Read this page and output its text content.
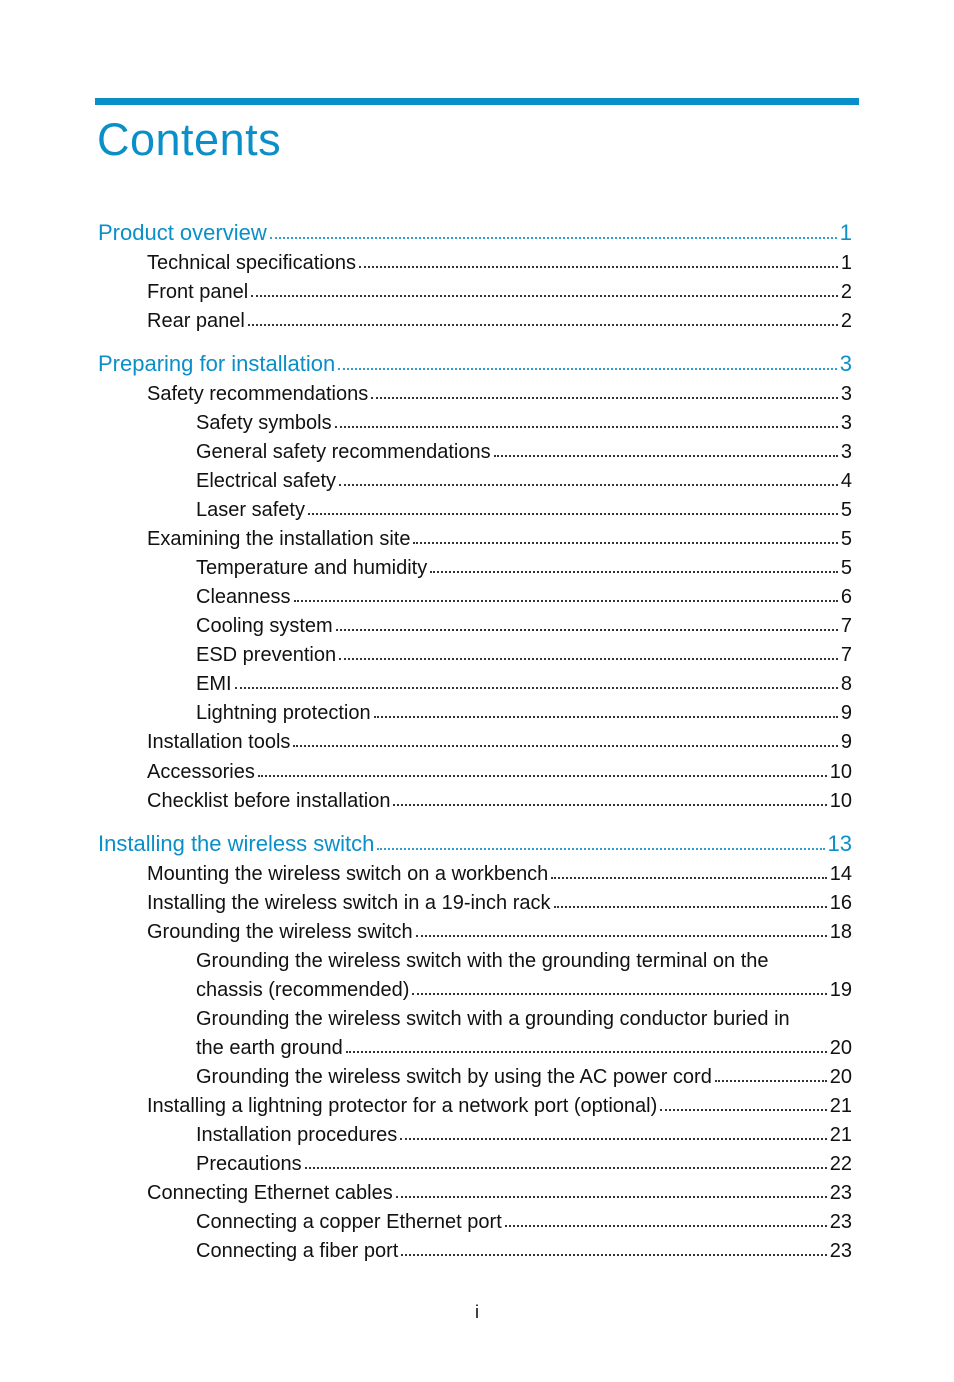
Contents
Product overview	1
Technical specifications	1
Front panel	2
Rear panel	2
Preparing for installation	3
Safety recommendations	3
Safety symbols	3
General safety recommendations	3
Electrical safety	4
Laser safety	5
Examining the installation site	5
Temperature and humidity	5
Cleanness	6
Cooling system	7
ESD prevention	7
EMI	8
Lightning protection	9
Installation tools	9
Accessories	10
Checklist before installation	10
Installing the wireless switch	13
Mounting the wireless switch on a workbench	14
Installing the wireless switch in a 19-inch rack	16
Grounding the wireless switch	18
Grounding the wireless switch with the grounding terminal on the
chassis (recommended)	19
Grounding the wireless switch with a grounding conductor buried in
the earth ground	20
Grounding the wireless switch by using the AC power cord	20
Installing a lightning protector for a network port (optional)	21
Installation procedures	21
Precautions	22
Connecting Ethernet cables	23
Connecting a copper Ethernet port	23
Connecting a fiber port	23
i
